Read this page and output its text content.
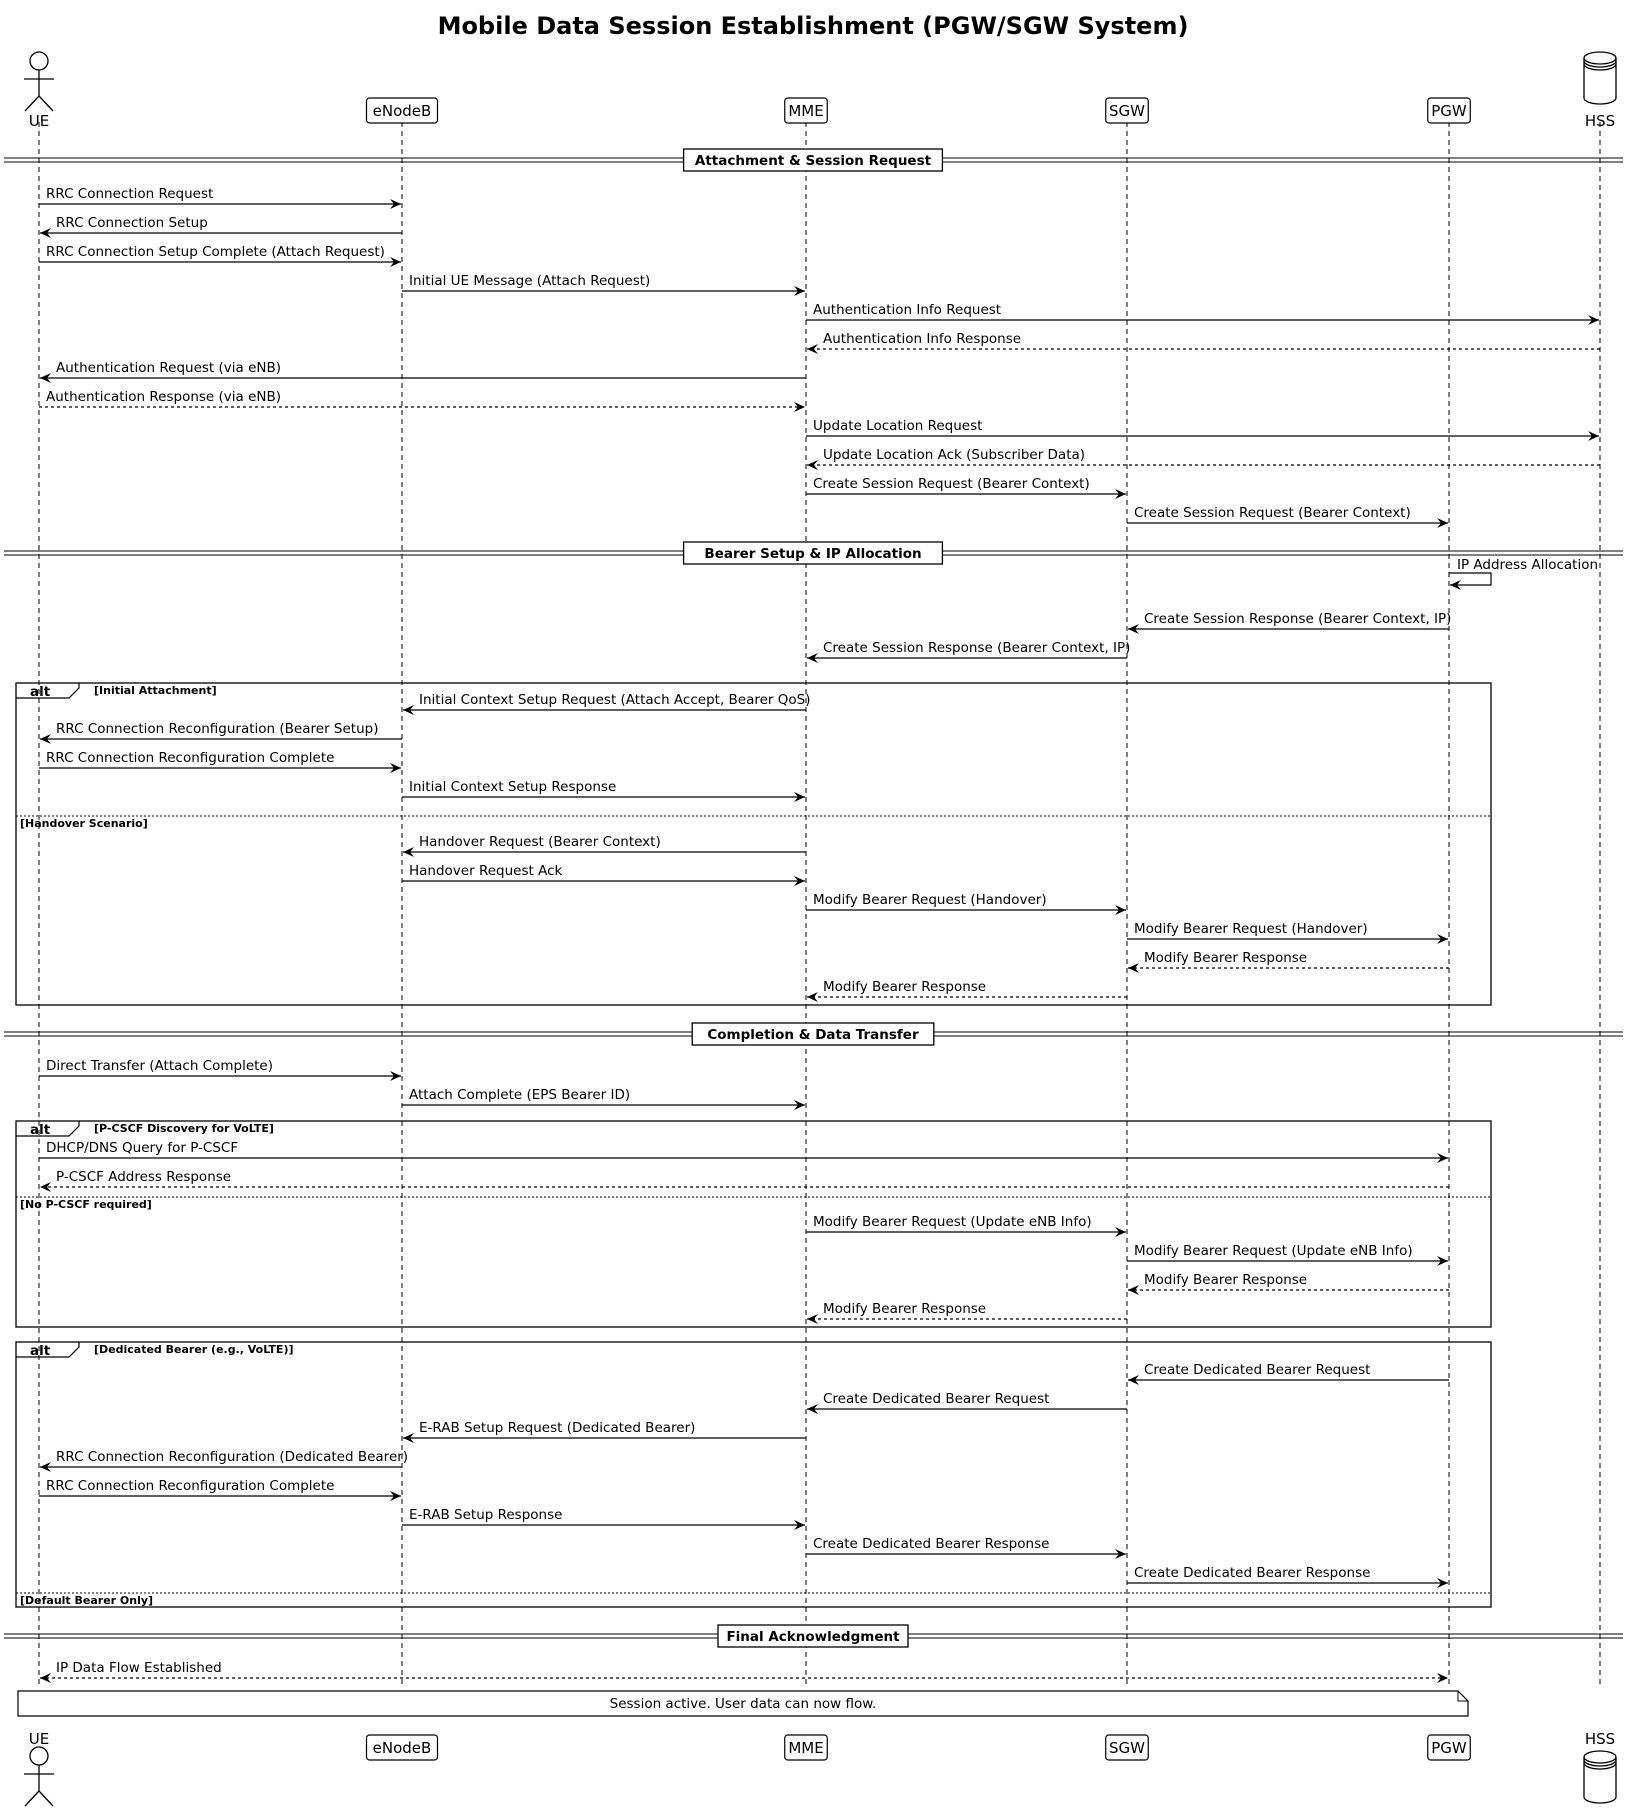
Mobile Data Session Establishment (PGW/SGW System)
Attachment & Session Request
Bearer Setup & IP Allocation
Completion & Data Transfer
Final Acknowledgment
alt	[Initial Attachment]
[Handover Scenario]
alt	[P-CSCF Discovery for VoLTE]
[No P-CSCF required]
alt	[Dedicated Bearer (e.g., VoLTE)]
[Default Bearer Only]
RRC Connection Request
RRC Connection Setup
RRC Connection Setup Complete (Attach Request)
Initial UE Message (Attach Request)
Authentication Info Request
Authentication Info Response
Authentication Request (via eNB)
Authentication Response (via eNB)
Update Location Request
Update Location Ack (Subscriber Data)
Create Session Request (Bearer Context)
Create Session Request (Bearer Context)
IP Address Allocation
Create Session Response (Bearer Context, IP)
Create Session Response (Bearer Context, IP)
Initial Context Setup Request (Attach Accept, Bearer QoS)
RRC Connection Reconfiguration (Bearer Setup)
RRC Connection Reconfiguration Complete
Initial Context Setup Response
Handover Request (Bearer Context)
Handover Request Ack
Modify Bearer Request (Handover)
Modify Bearer Request (Handover)
Modify Bearer Response
Modify Bearer Response
Direct Transfer (Attach Complete)
Attach Complete (EPS Bearer ID)
DHCP/DNS Query for P-CSCF
P-CSCF Address Response
Modify Bearer Request (Update eNB Info)
Modify Bearer Request (Update eNB Info)
Modify Bearer Response
Modify Bearer Response
Create Dedicated Bearer Request
Create Dedicated Bearer Request
E-RAB Setup Request (Dedicated Bearer)
RRC Connection Reconfiguration (Dedicated Bearer)
RRC Connection Reconfiguration Complete
E-RAB Setup Response
Create Dedicated Bearer Response
Create Dedicated Bearer Response
IP Data Flow Established
Session active. User data can now flow.
UE
eNodeB	MME	SGW	PGW
HSS
UE	eNodeB	MME	SGW	PGW	HSS
